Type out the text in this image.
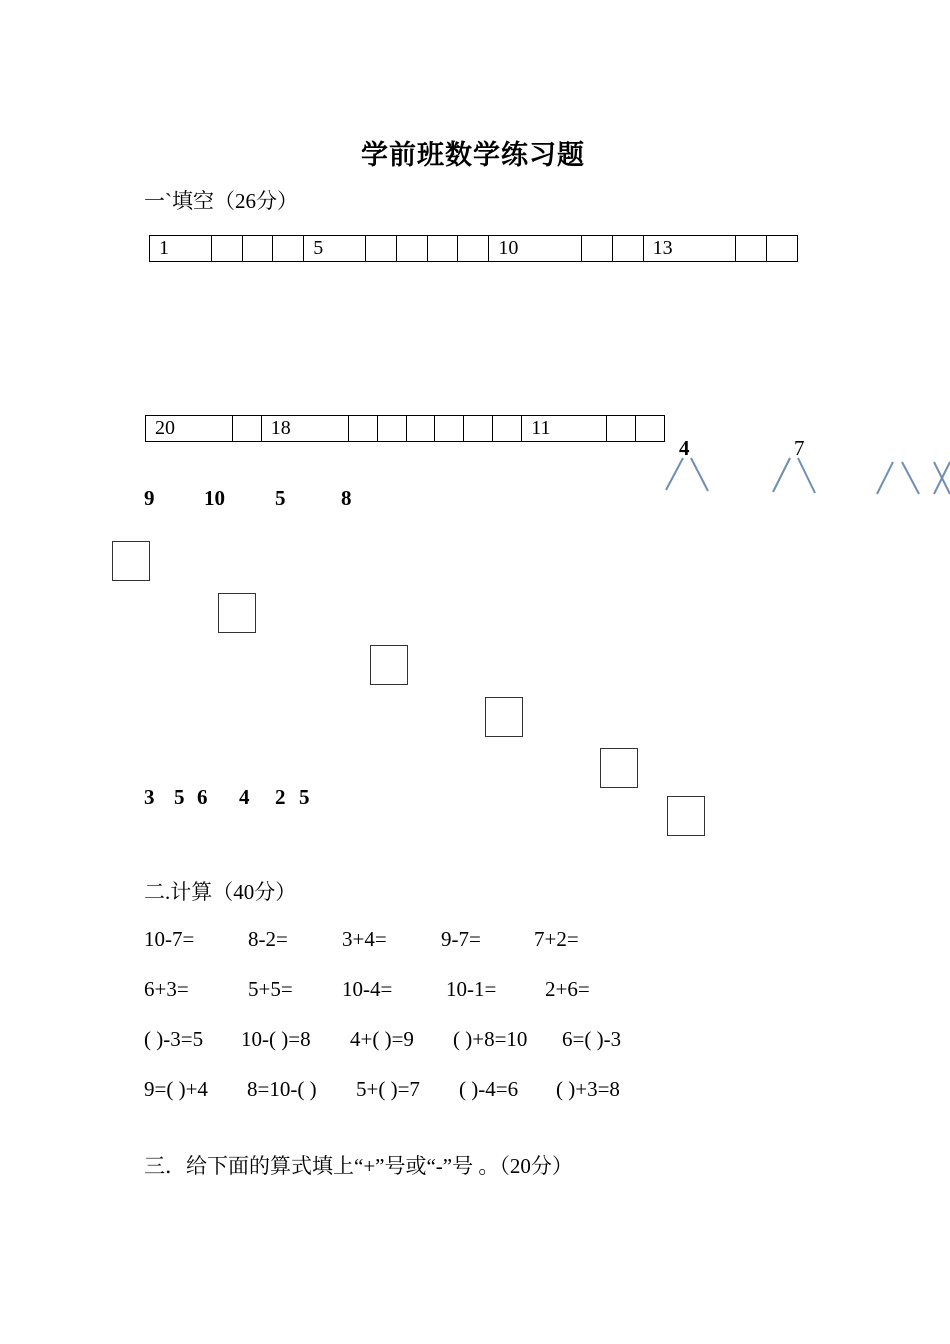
学前班数学练习题
一`填空（26分）
1				5					10			13		
20		18							11		
4	7
9 10 5	8
3 5 6 4 2 5
二.计算（40分）
10-7=	8-2=	3+4=	9-7=	7+2=
6+3=	5+5= 10-4=	10-1= 2+6=
( )-3=5 10-( )=8 4+( )=9 ( )+8=10 6=( )-3
9=( )+4 8=10-( ) 5+( )=7 ( )-4=6 ( )+3=8
三．给下面的算式填上“+”号或“-”号 。（20分）
